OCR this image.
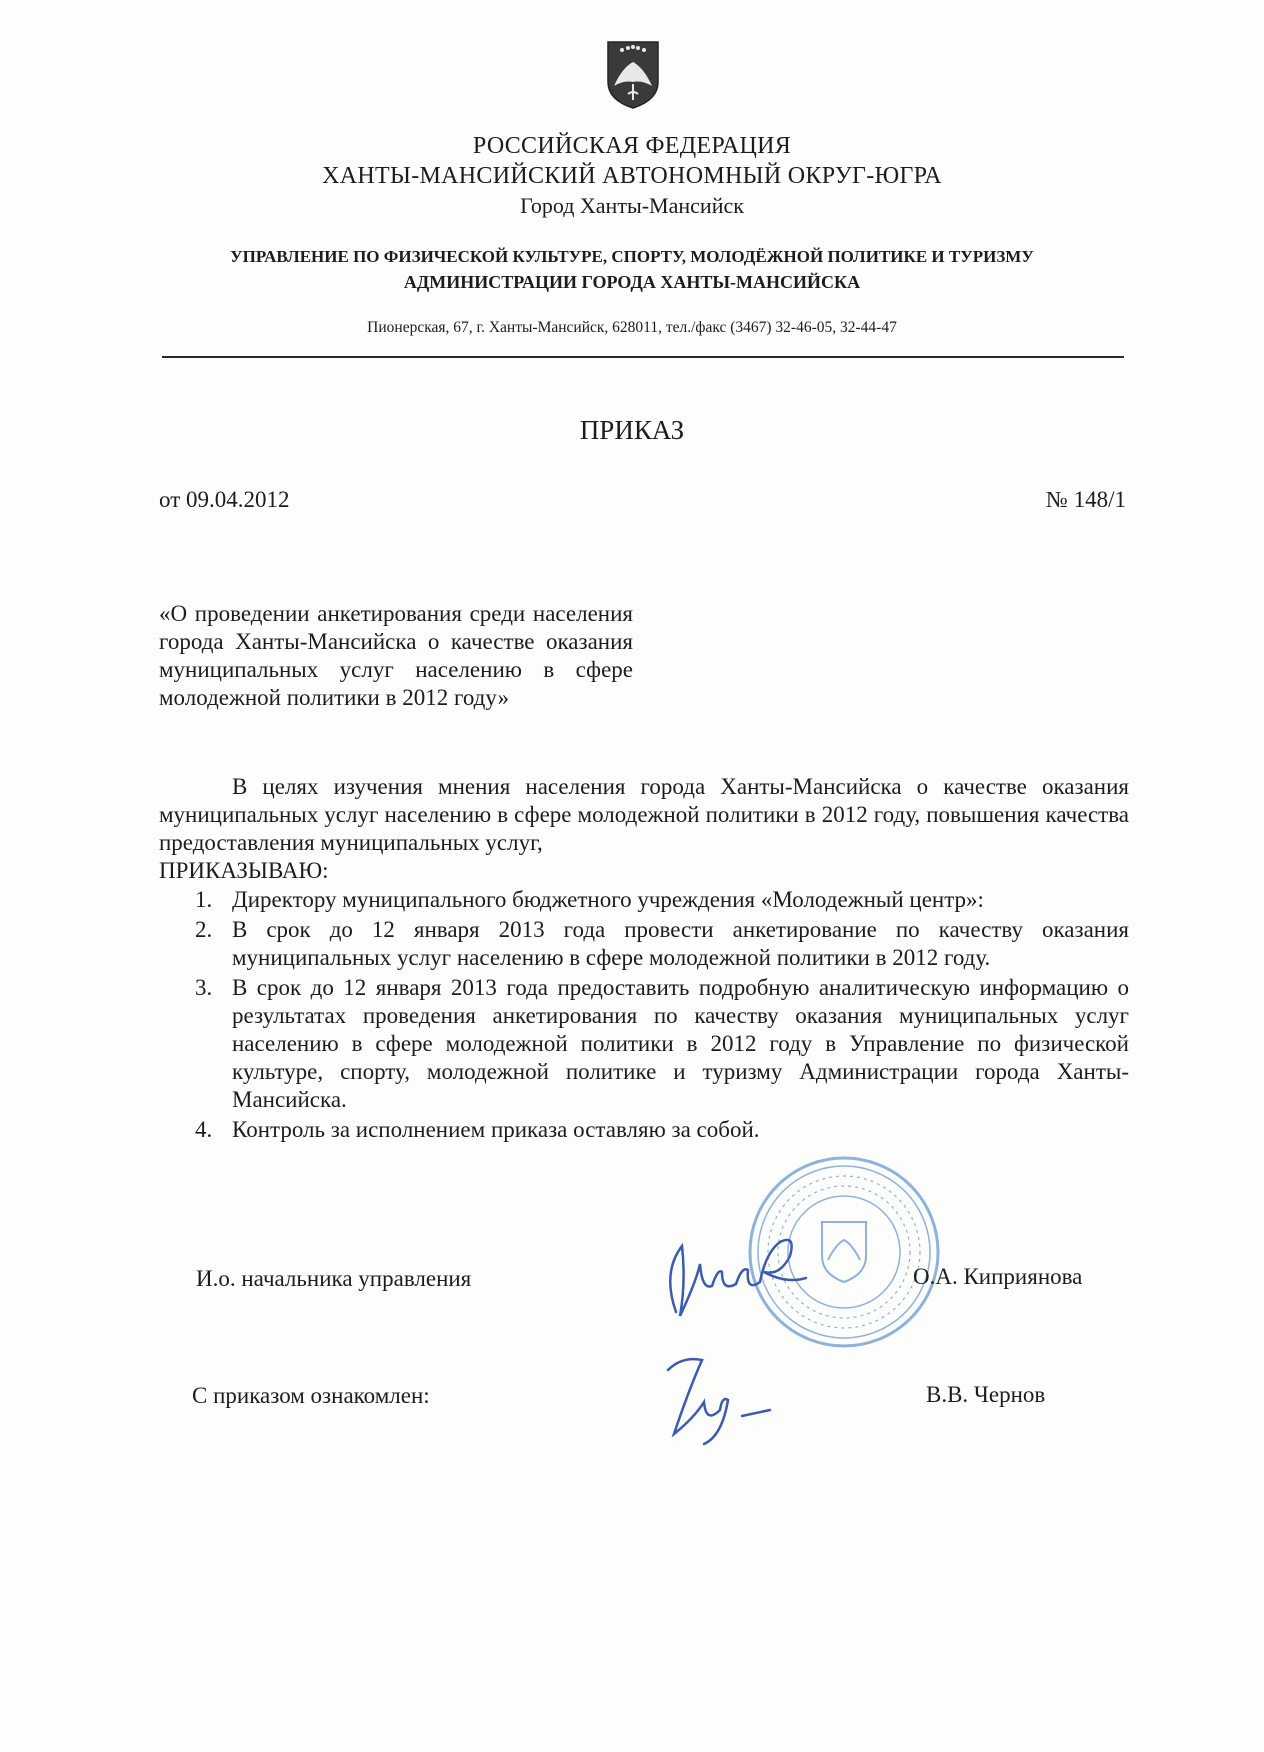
РОССИЙСКАЯ ФЕДЕРАЦИЯ

ХАНТЫ-МАНСИЙСКИЙ АВТОНОМНЫЙ ОКРУГ-ЮГРА

Город Ханты-Мансийск

УПРАВЛЕНИЕ ПО ФИЗИЧЕСКОЙ КУЛЬТУРЕ, СПОРТУ, МОЛОДЁЖНОЙ ПОЛИТИКЕ И ТУРИЗМУ

АДМИНИСТРАЦИИ ГОРОДА ХАНТЫ-МАНСИЙСКА

Пионерская, 67, г. Ханты-Мансийск, 628011, тел./факс (3467) 32-46-05, 32-44-47

ПРИКАЗ

от 09.04.2012	№ 148/1

«О проведении анкетирования среди населения города Ханты-Мансийска о качестве оказания муниципальных услуг населению в сфере молодежной политики в 2012 году»

В целях изучения мнения населения города Ханты-Мансийска о качестве оказания муниципальных услуг населению в сфере молодежной политики в 2012 году, повышения качества предоставления муниципальных услуг,

ПРИКАЗЫВАЮ:
1. Директору муниципального бюджетного учреждения «Молодежный центр»:
2. В срок до 12 января 2013 года провести анкетирование по качеству оказания муниципальных услуг населению в сфере молодежной политики в 2012 году.
3. В срок до 12 января 2013 года предоставить подробную аналитическую информацию о результатах проведения анкетирования по качеству оказания муниципальных услуг населению в сфере молодежной политики в 2012 году в Управление по физической культуре, спорту, молодежной политике и туризму Администрации города Ханты-Мансийска.
4. Контроль за исполнением приказа оставляю за собой.
И.о. начальника управления	О.А. Киприянова
С приказом ознакомлен:	В.В. Чернов
